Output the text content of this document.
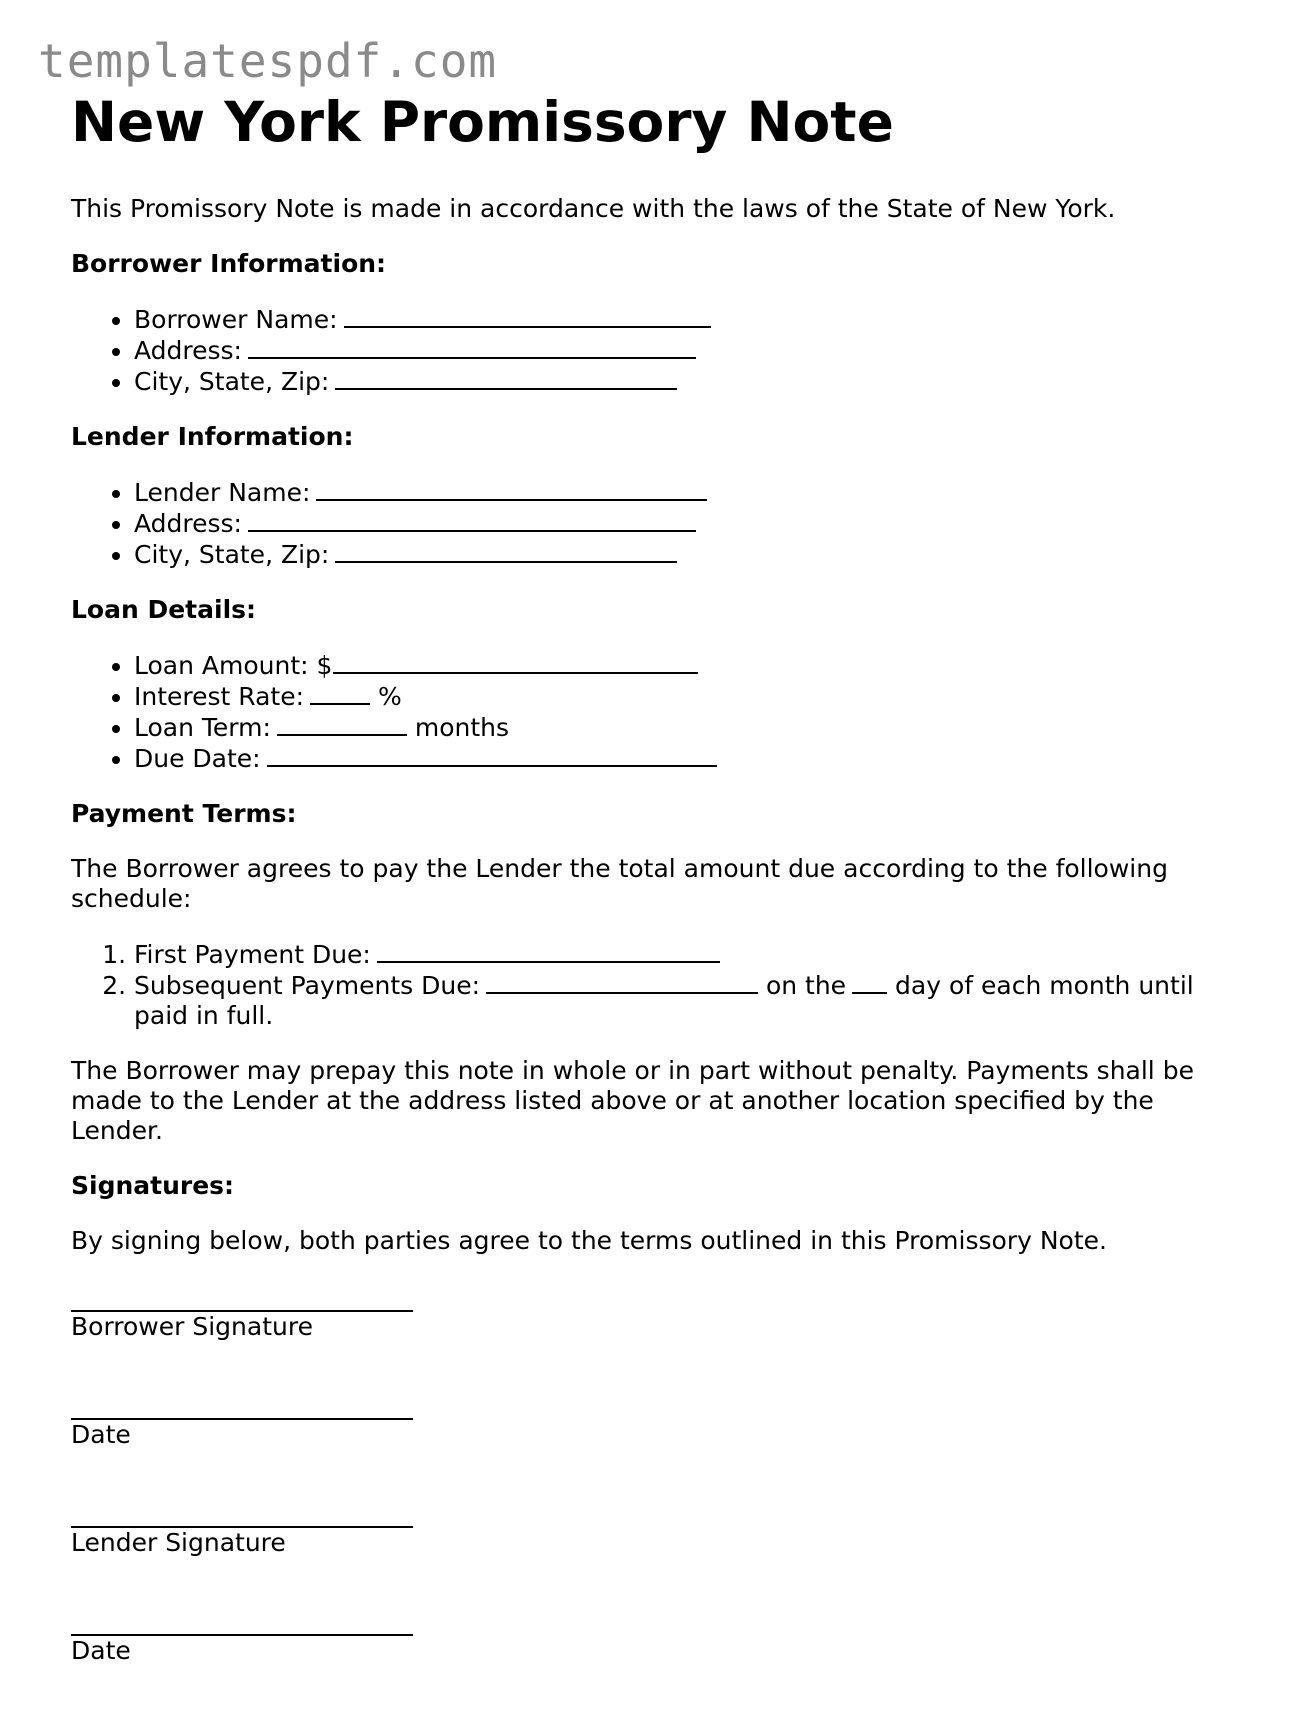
templatespdf.com
New York Promissory Note

This Promissory Note is made in accordance with the laws of the State of New York.

Borrower Information:
• Borrower Name:
• Address:
• City, State, Zip:
Lender Information:
• Lender Name:
• Address:
• City, State, Zip:
Loan Details:
• Loan Amount: $
• Interest Rate:	%
• Loan Term:	months
• Due Date:
Payment Terms:

The Borrower agrees to pay the Lender the total amount due according to the following schedule:

1. First Payment Due:
2. Subsequent Payments Due:	on the day of each month until paid in full.

The Borrower may prepay this note in whole or in part without penalty. Payments shall be made to the Lender at the address listed above or at another location specified by the Lender.

Signatures:

By signing below, both parties agree to the terms outlined in this Promissory Note.

Borrower Signature
Date
Lender Signature
Date
